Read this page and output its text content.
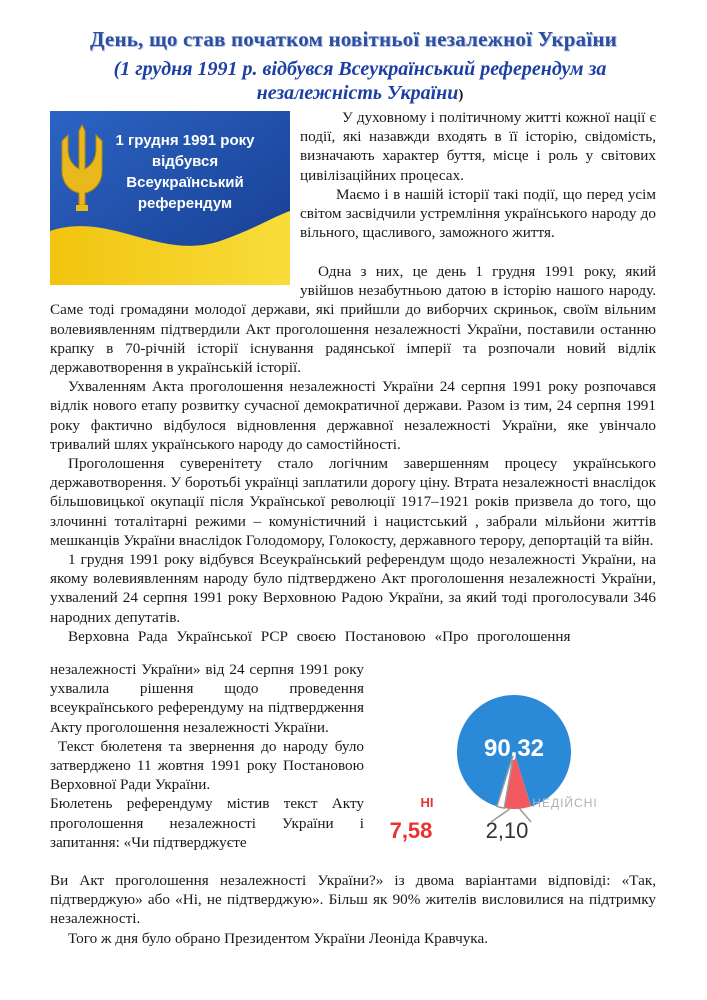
День, що став початком новітньої незалежної України
(1 грудня 1991 р. відбувся Всеукраїнський референдум за незалежність України)
1 грудня 1991 року
відбувся
Всеукраїнський
референдум

У духовному і політичному житті кожної нації є події, які назавжди входять в її історію, свідомість, визначають характер буття, місце і роль у світових цивілізаційних процесах.

Маємо і в нашій історії такі події, що перед усім світом засвідчили устремління українського народу до вільного, щасливого, заможного життя.

Одна з них, це день 1 грудня 1991 року, який увійшов незабутньою датою в історію нашого народу. Саме тоді громадяни молодої держави, які прийшли до виборчих скриньок, своїм вільним волевиявленням підтвердили Акт проголошення незалежності України, поставили останню крапку в 70-річній історії існування радянської імперії та розпочали новий відлік державотворення в українській історії.

Ухваленням Акта проголошення незалежності України 24 серпня 1991 року розпочався відлік нового етапу розвитку сучасної демократичної держави. Разом із тим, 24 серпня 1991 року фактично відбулося відновлення державної незалежності України, яке увінчало тривалий шлях українського народу до самостійності.

Проголошення суверенітету стало логічним завершенням процесу українського державотворення. У боротьбі українці заплатили дорогу ціну. Втрата незалежності внаслідок більшовицької окупації після Української революції 1917–1921 років призвела до того, що злочинні тоталітарні режими – комуністичний і нацистський , забрали мільйони життів мешканців України внаслідок Голодомору, Голокосту, державного терору, депортацій та війн.

1 грудня 1991 року відбувся Всеукраїнський референдум щодо незалежності України, на якому волевиявленням народу було підтверджено Акт проголошення незалежності України, ухвалений 24 серпня 1991 року Верховною Радою України, за який тоді проголосували 346 народних депутатів.

Верховна Рада Української РСР своєю Постановою «Про проголошення

незалежності України» від 24 серпня 1991 року ухвалила рішення щодо проведення всеукраїнського референдуму на підтвердження Акту проголошення незалежності України.

Текст бюлетеня та звернення до народу було затверджено 11 жовтня 1991 року Постановою Верховної Ради України.

Бюлетень референдуму містив текст Акту проголошення незалежності України і запитання: «Чи підтверджуєте

Ви Акт проголошення незалежності України?» із двома варіантами відповіді: «Так, підтверджую» або «Ні, не підтверджую». Більш як 90% жителів висловилися на підтримку незалежності.

Того ж дня було обрано Президентом України Леоніда Кравчука.

ТАК
90,32
НІ
7,58
НЕДІЙСНІ
2,10
